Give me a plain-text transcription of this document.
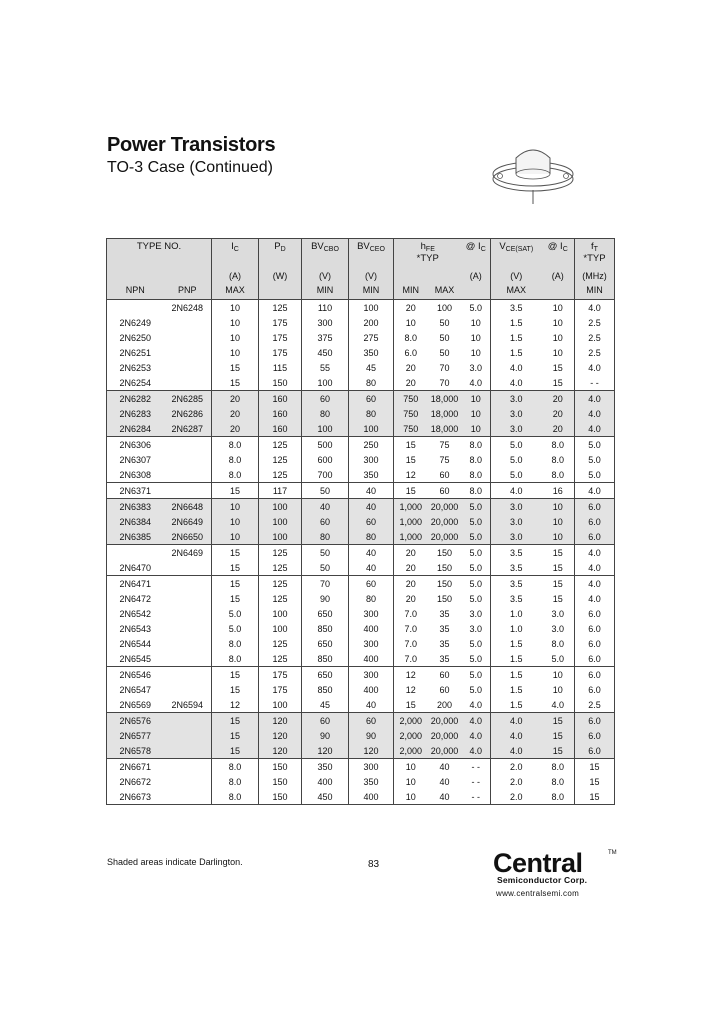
Power Transistors
TO-3 Case (Continued)
TYPE NO.		$I_C$	$P_D$	$BV_{CBO}$	$BV_{CEO}$	$h_{FE}$
*TYP		@ $I_C$	$V_{CE(SAT)}$	@ $I_C$	$f_T$
*TYP
		(A)	(W)	(V)	(V)			(A)	(V)	(A)	(MHz)
NPN	PNP	MAX		MIN	MIN	MIN	MAX		MAX		MIN
	2N6248	10	125	110	100	20	100	5.0	3.5	10	4.0
2N6249		10	175	300	200	10	50	10	1.5	10	2.5
2N6250		10	175	375	275	8.0	50	10	1.5	10	2.5
2N6251		10	175	450	350	6.0	50	10	1.5	10	2.5
2N6253		15	115	55	45	20	70	3.0	4.0	15	4.0
2N6254		15	150	100	80	20	70	4.0	4.0	15	- -
2N6282	2N6285	20	160	60	60	750	18,000	10	3.0	20	4.0
2N6283	2N6286	20	160	80	80	750	18,000	10	3.0	20	4.0
2N6284	2N6287	20	160	100	100	750	18,000	10	3.0	20	4.0
2N6306		8.0	125	500	250	15	75	8.0	5.0	8.0	5.0
2N6307		8.0	125	600	300	15	75	8.0	5.0	8.0	5.0
2N6308		8.0	125	700	350	12	60	8.0	5.0	8.0	5.0
2N6371		15	117	50	40	15	60	8.0	4.0	16	4.0
2N6383	2N6648	10	100	40	40	1,000	20,000	5.0	3.0	10	6.0
2N6384	2N6649	10	100	60	60	1,000	20,000	5.0	3.0	10	6.0
2N6385	2N6650	10	100	80	80	1,000	20,000	5.0	3.0	10	6.0
	2N6469	15	125	50	40	20	150	5.0	3.5	15	4.0
2N6470		15	125	50	40	20	150	5.0	3.5	15	4.0
2N6471		15	125	70	60	20	150	5.0	3.5	15	4.0
2N6472		15	125	90	80	20	150	5.0	3.5	15	4.0
2N6542		5.0	100	650	300	7.0	35	3.0	1.0	3.0	6.0
2N6543		5.0	100	850	400	7.0	35	3.0	1.0	3.0	6.0
2N6544		8.0	125	650	300	7.0	35	5.0	1.5	8.0	6.0
2N6545		8.0	125	850	400	7.0	35	5.0	1.5	5.0	6.0
2N6546		15	175	650	300	12	60	5.0	1.5	10	6.0
2N6547		15	175	850	400	12	60	5.0	1.5	10	6.0
2N6569	2N6594	12	100	45	40	15	200	4.0	1.5	4.0	2.5
2N6576		15	120	60	60	2,000	20,000	4.0	4.0	15	6.0
2N6577		15	120	90	90	2,000	20,000	4.0	4.0	15	6.0
2N6578		15	120	120	120	2,000	20,000	4.0	4.0	15	6.0
2N6671		8.0	150	350	300	10	40	- -	2.0	8.0	15
2N6672		8.0	150	400	350	10	40	- -	2.0	8.0	15
2N6673		8.0	150	450	400	10	40	- -	2.0	8.0	15
Shaded areas indicate Darlington.	83	Central	TM
Semiconductor Corp.
www.centralsemi.com
